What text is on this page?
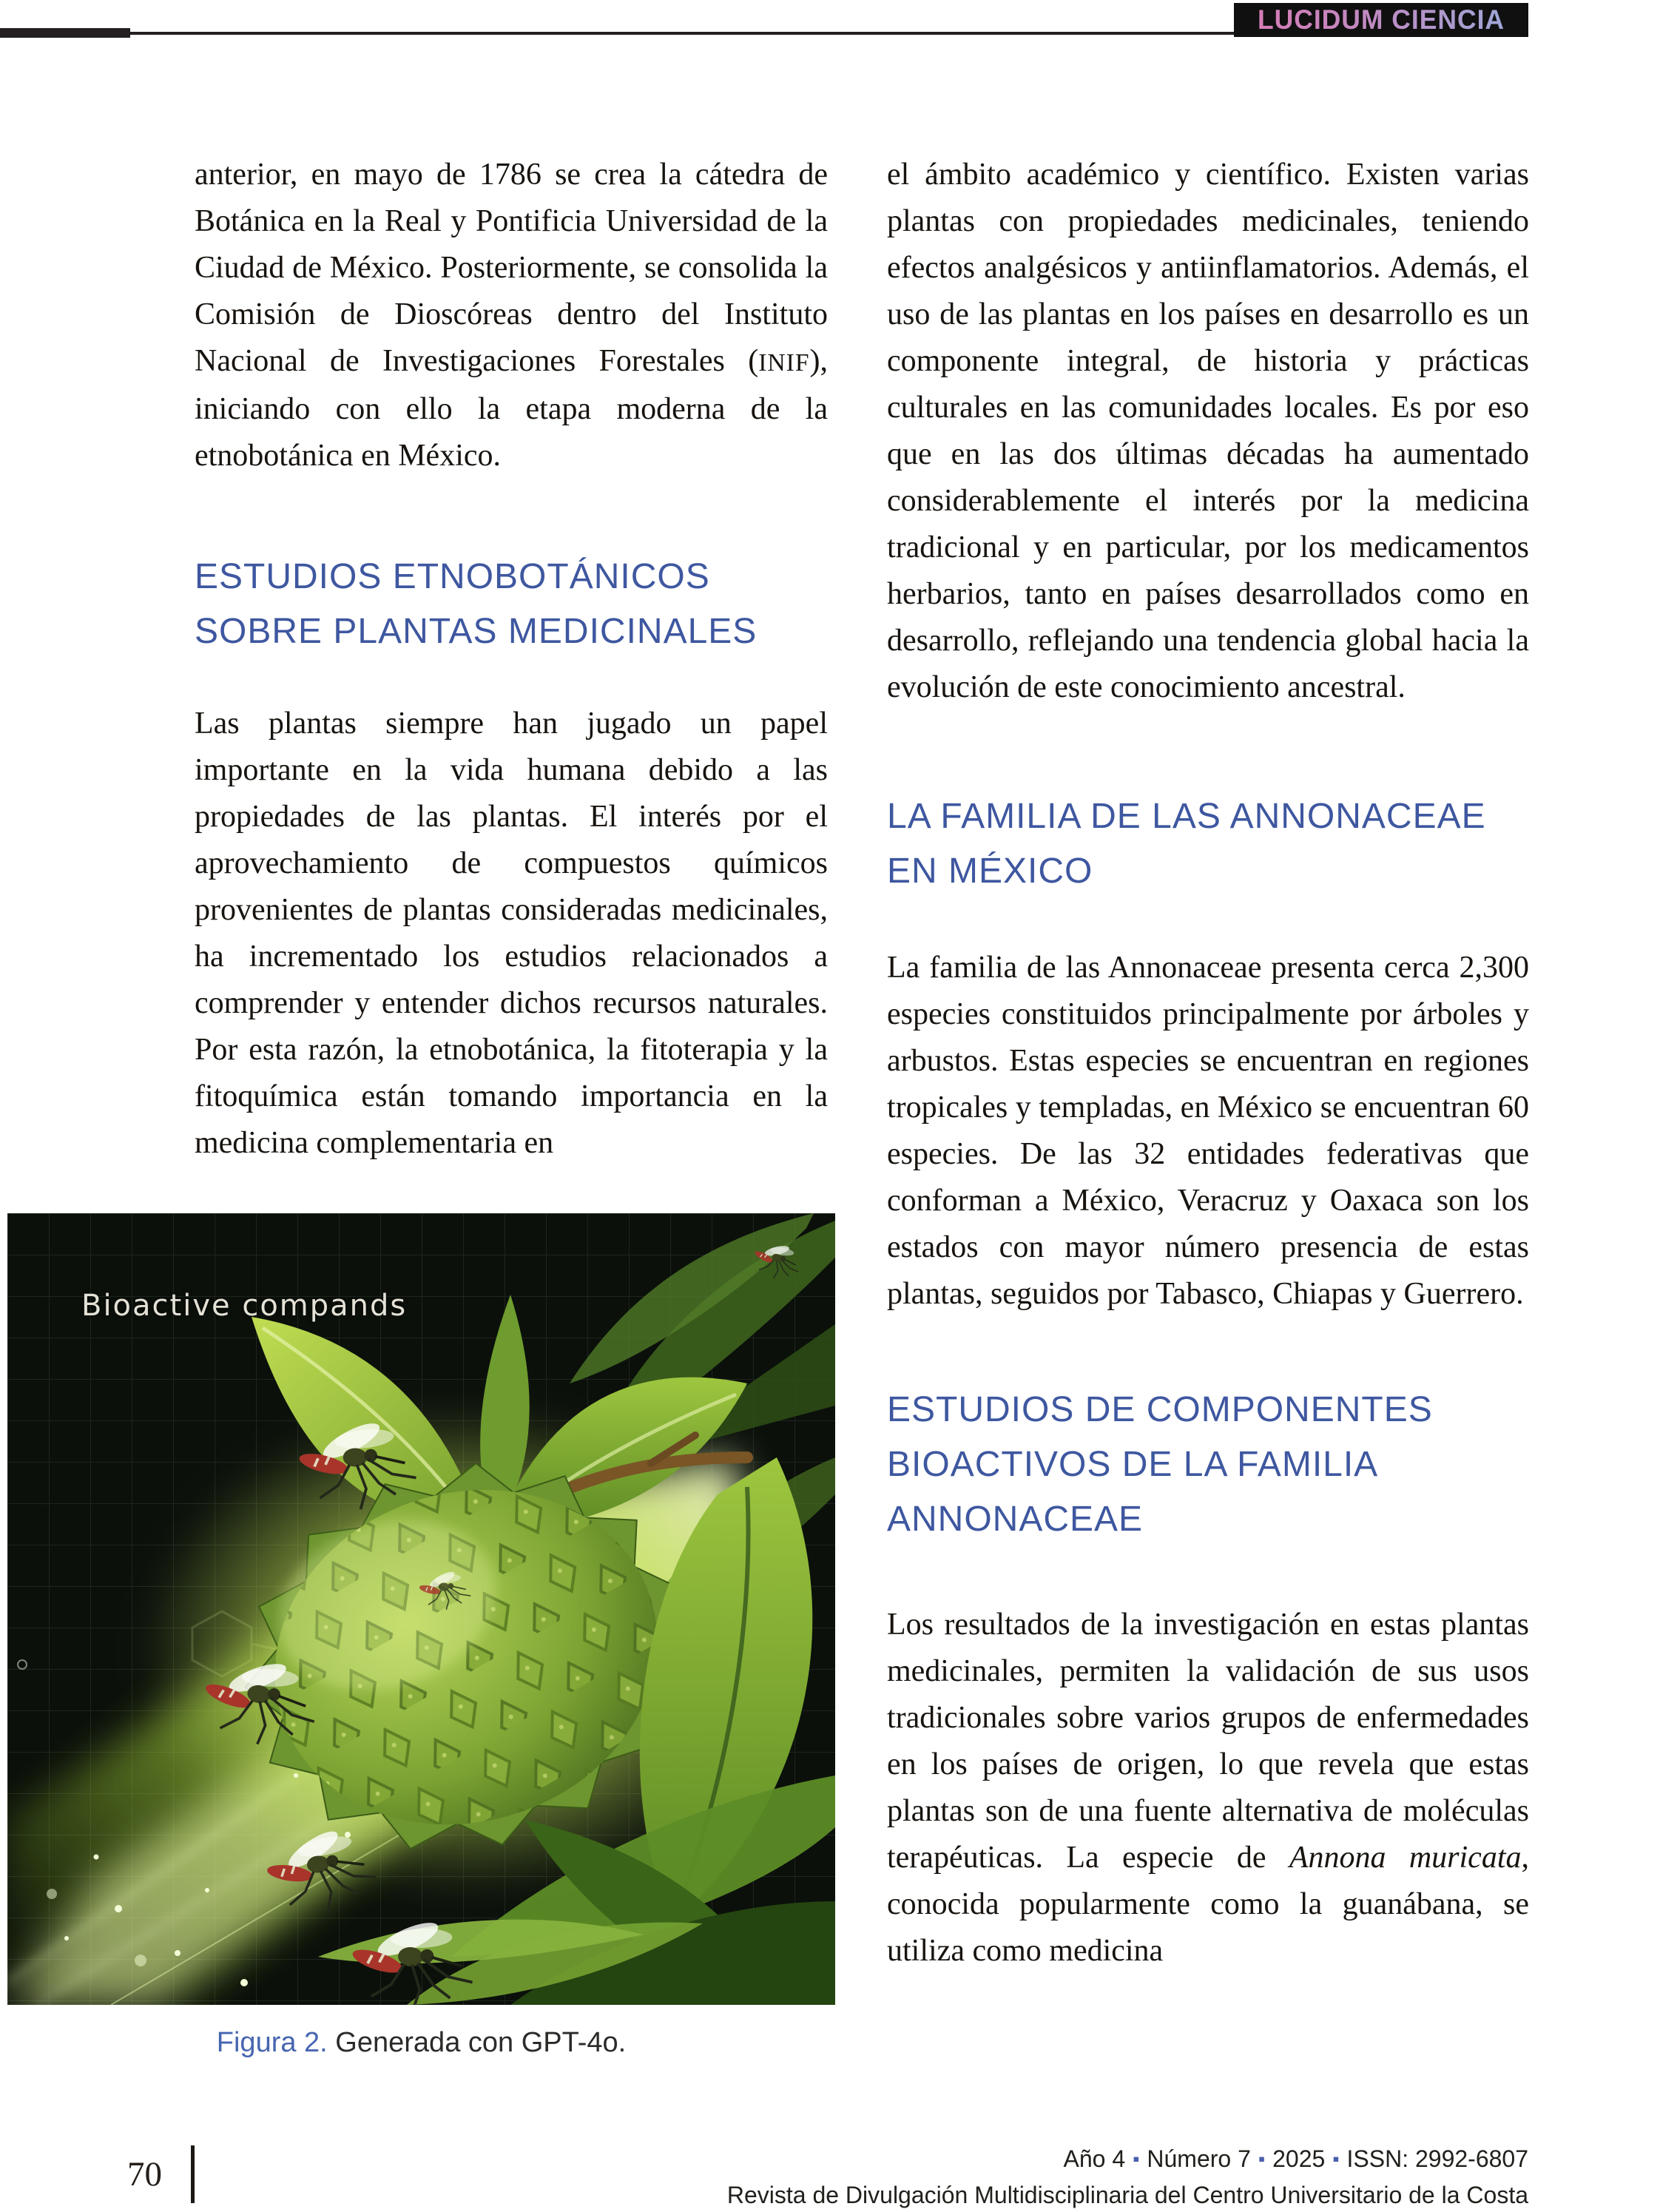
LUCIDUM CIENCIA

anterior, en mayo de 1786 se crea la cátedra de Botánica en la Real y Pontificia Universidad de la Ciudad de México. Posteriormente, se consolida la Comisión de Dioscóreas dentro del Instituto Nacional de Investigaciones Forestales (INIF), iniciando con ello la etapa moderna de la etnobotánica en México.

ESTUDIOS ETNOBOTÁNICOS SOBRE PLANTAS MEDICINALES

Las plantas siempre han jugado un papel importante en la vida humana debido a las propiedades de las plantas. El interés por el aprovechamiento de compuestos químicos provenientes de plantas consideradas medicinales, ha incrementado los estudios relacionados a comprender y entender dichos recursos naturales. Por esta razón, la etnobotánica, la fitoterapia y la fitoquímica están tomando importancia en la medicina complementaria en

el ámbito académico y científico. Existen varias plantas con propiedades medicinales, teniendo efectos analgésicos y antiinflamatorios. Además, el uso de las plantas en los países en desarrollo es un componente integral, de historia y prácticas culturales en las comunidades locales. Es por eso que en las dos últimas décadas ha aumentado considerablemente el interés por la medicina tradicional y en particular, por los medicamentos herbarios, tanto en países desarrollados como en desarrollo, reflejando una tendencia global hacia la evolución de este conocimiento ancestral.

LA FAMILIA DE LAS ANNONACEAE EN MÉXICO

La familia de las Annonaceae presenta cerca 2,300 especies constituidos principalmente por árboles y arbustos. Estas especies se encuentran en regiones tropicales y templadas, en México se encuentran 60 especies. De las 32 entidades federativas que conforman a México, Veracruz y Oaxaca son los estados con mayor número presencia de estas plantas, seguidos por Tabasco, Chiapas y Guerrero.

ESTUDIOS DE COMPONENTES BIOACTIVOS DE LA FAMILIA ANNONACEAE

Los resultados de la investigación en estas plantas medicinales, permiten la validación de sus usos tradicionales sobre varios grupos de enfermedades en los países de origen, lo que revela que estas plantas son de una fuente alternativa de moléculas terapéuticas. La especie de Annona muricata, conocida popularmente como la guanábana, se utiliza como medicina

Bioactive compands
Figura 2. Generada con GPT-4o.
70	Año 4 ▪ Número 7 ▪ 2025 ▪ ISSN: 2992-6807
Revista de Divulgación Multidisciplinaria del Centro Universitario de la Costa
